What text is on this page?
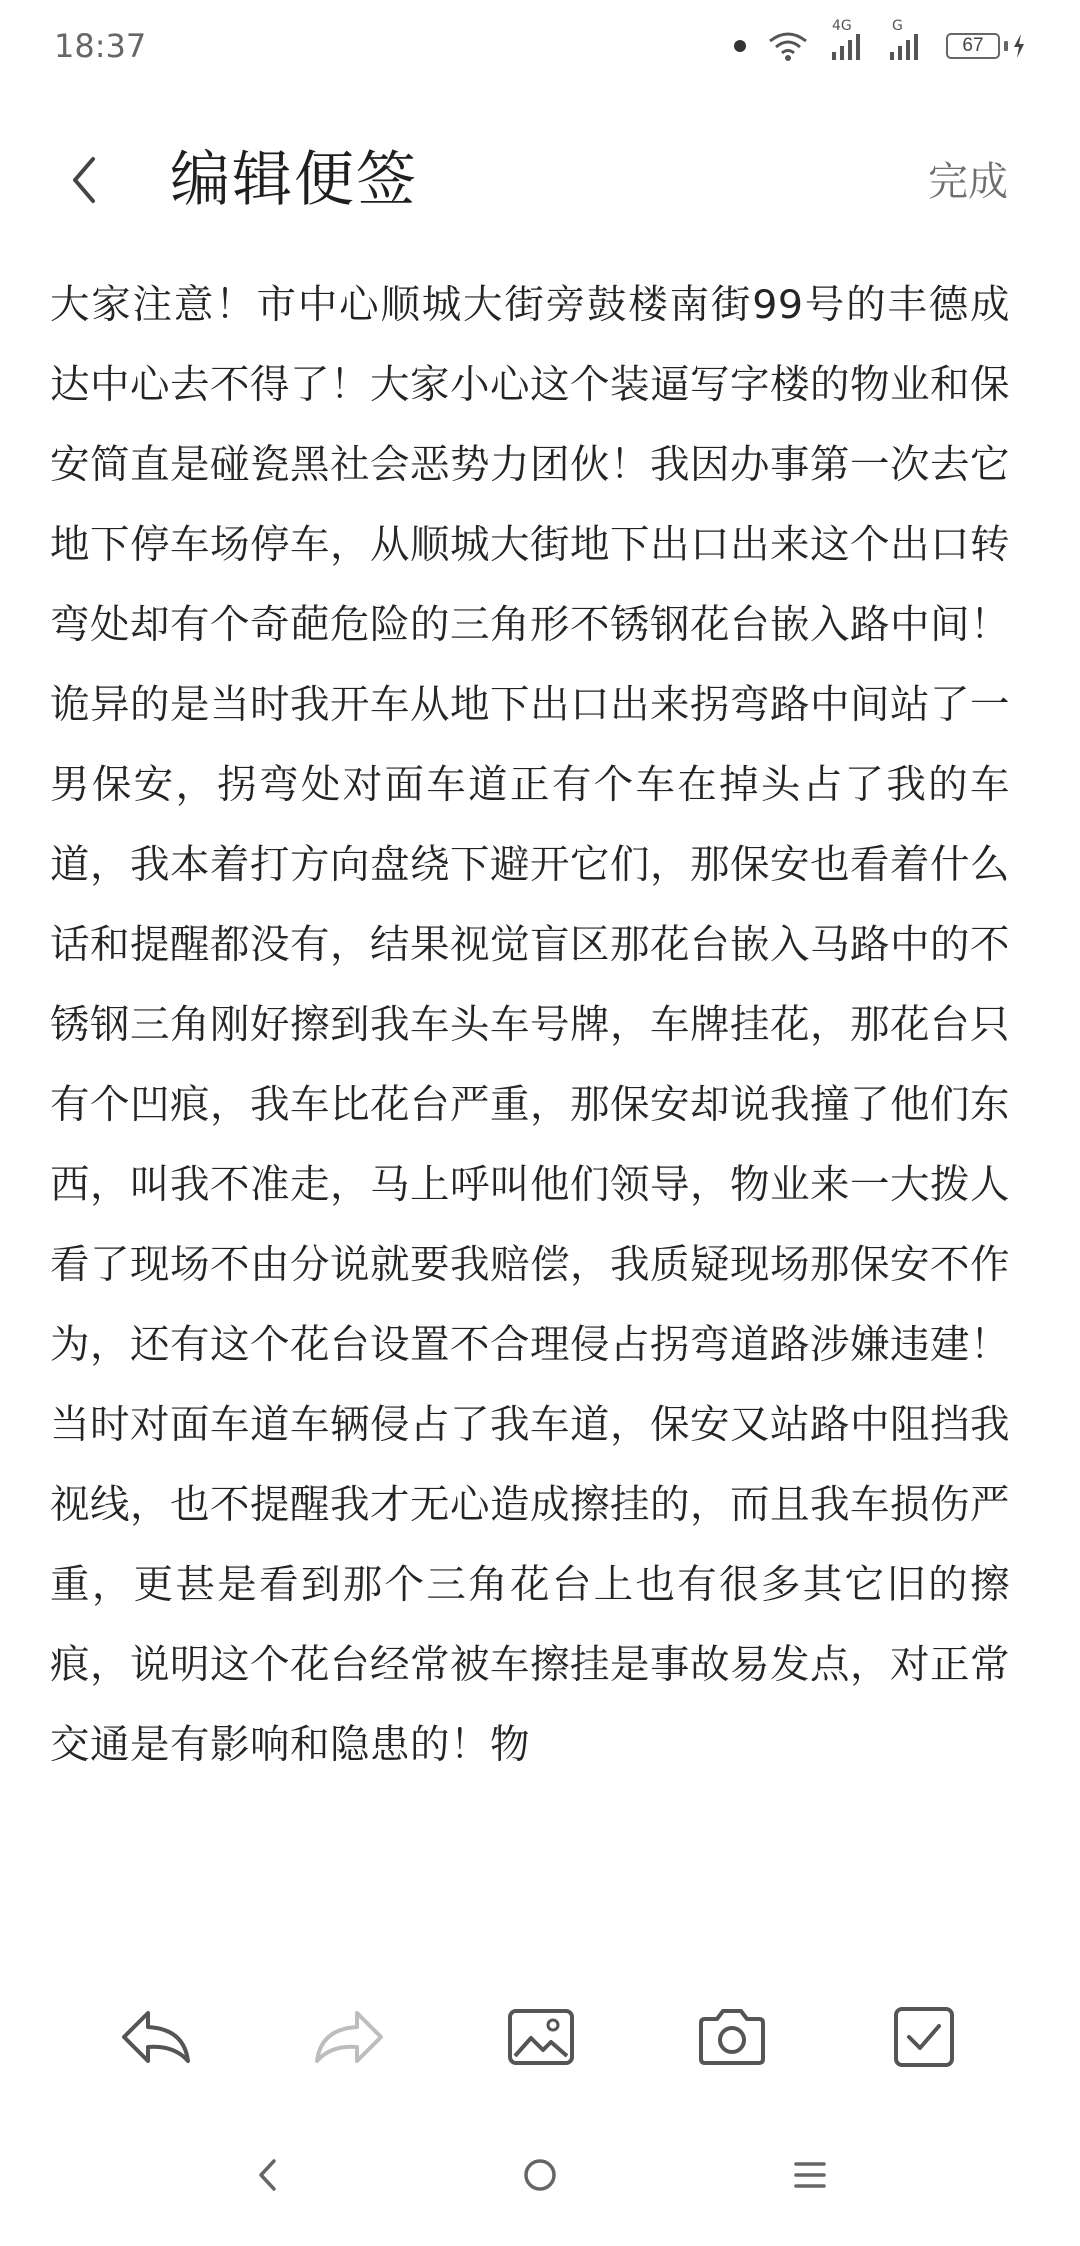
18:37
4G	G
67
编辑便签	完成

大家注意！市中心顺城大街旁鼓楼南街99号的丰德成达中心去不得了！大家小心这个装逼写字楼的物业和保安简直是碰瓷黑社会恶势力团伙！我因办事第一次去它地下停车场停车，从顺城大街地下出口出来这个出口转弯处却有个奇葩危险的三角形不锈钢花台嵌入路中间！诡异的是当时我开车从地下出口出来拐弯路中间站了一男保安，拐弯处对面车道正有个车在掉头占了我的车道，我本着打方向盘绕下避开它们，那保安也看着什么话和提醒都没有，结果视觉盲区那花台嵌入马路中的不锈钢三角刚好擦到我车头车号牌，车牌挂花，那花台只有个凹痕，我车比花台严重，那保安却说我撞了他们东西，叫我不准走，马上呼叫他们领导，物业来一大拨人看了现场不由分说就要我赔偿，我质疑现场那保安不作为，还有这个花台设置不合理侵占拐弯道路涉嫌违建！当时对面车道车辆侵占了我车道，保安又站路中阻挡我视线，也不提醒我才无心造成擦挂的，而且我车损伤严重，更甚是看到那个三角花台上也有很多其它旧的擦痕，说明这个花台经常被车擦挂是事故易发点，对正常交通是有影响和隐患的！物
